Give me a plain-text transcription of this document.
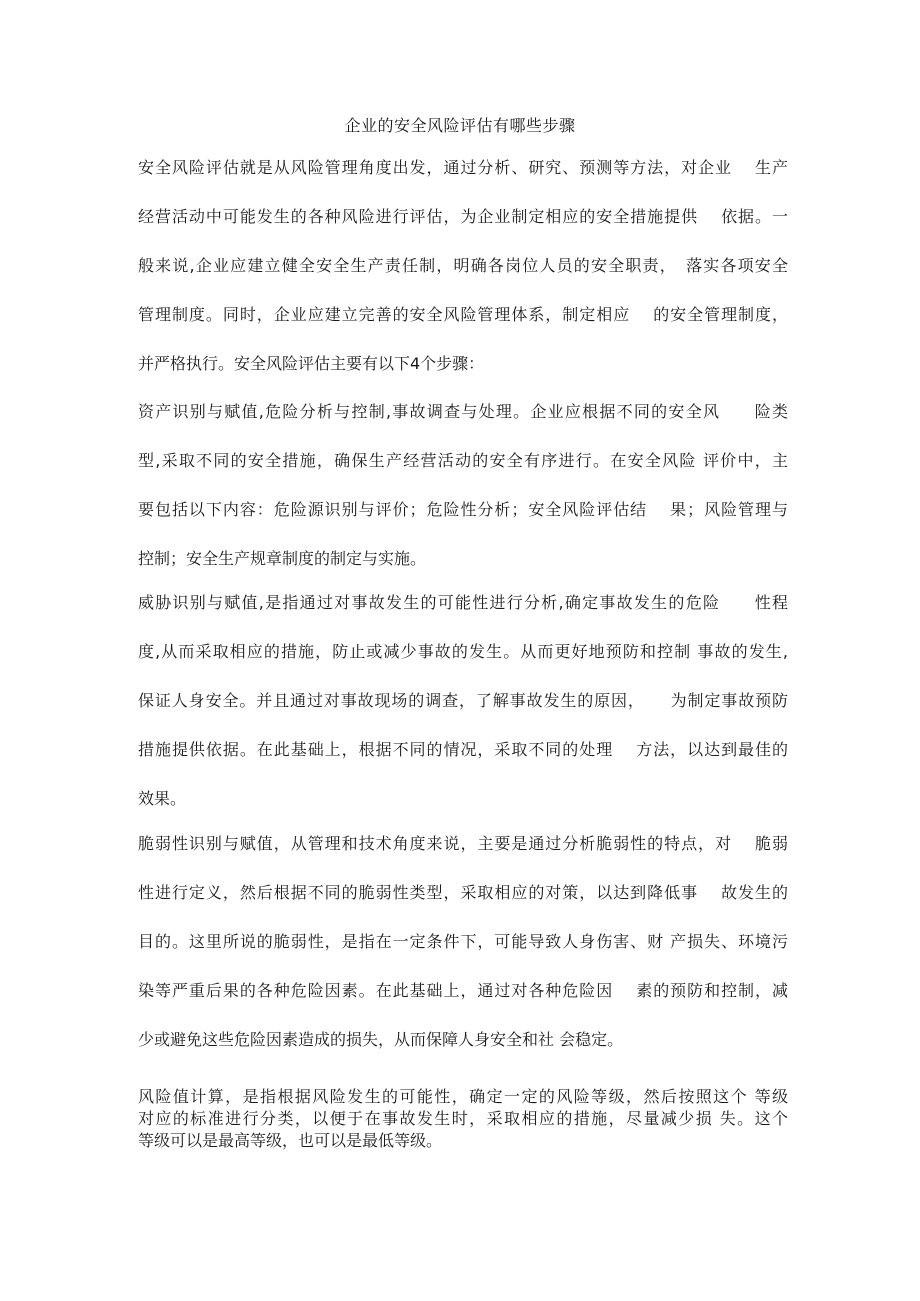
企业的安全风险评估有哪些步骤
安全风险评估就是从风险管理角度出发，通过分析、研究、预测等方法，对企业　 生产
经营活动中可能发生的各种风险进行评估，为企业制定相应的安全措施提供　 依据。一
般来说,企业应建立健全安全生产责任制，明确各岗位人员的安全职责，　落实各项安全
管理制度。同时，企业应建立完善的安全风险管理体系，制定相应　 的安全管理制度，
并严格执行。安全风险评估主要有以下4个步骤：
资产识别与赋值,危险分析与控制,事故调查与处理。企业应根据不同的安全风　　险类
型,采取不同的安全措施，确保生产经营活动的安全有序进行。在安全风险 评价中，主
要包括以下内容：危险源识别与评价；危险性分析；安全风险评估结　 果；风险管理与
控制；安全生产规章制度的制定与实施。
威胁识别与赋值,是指通过对事故发生的可能性进行分析,确定事故发生的危险　　性程
度,从而采取相应的措施，防止或减少事故的发生。从而更好地预防和控制 事故的发生,
保证人身安全。并且通过对事故现场的调查，了解事故发生的原因，　　为制定事故预防
措施提供依据。在此基础上，根据不同的情况，采取不同的处理　 方法，以达到最佳的
效果。
脆弱性识别与赋值，从管理和技术角度来说，主要是通过分析脆弱性的特点，对　 脆弱
性进行定义，然后根据不同的脆弱性类型，采取相应的对策，以达到降低事　 故发生的
目的。这里所说的脆弱性，是指在一定条件下，可能导致人身伤害、财 产损失、环境污
染等严重后果的各种危险因素。在此基础上，通过对各种危险因　 素的预防和控制，减
少或避免这些危险因素造成的损失，从而保障人身安全和社 会稳定。
风险值计算，是指根据风险发生的可能性，确定一定的风险等级，然后按照这个 等级
对应的标准进行分类，以便于在事故发生时，采取相应的措施，尽量减少损 失。这个
等级可以是最高等级，也可以是最低等级。
